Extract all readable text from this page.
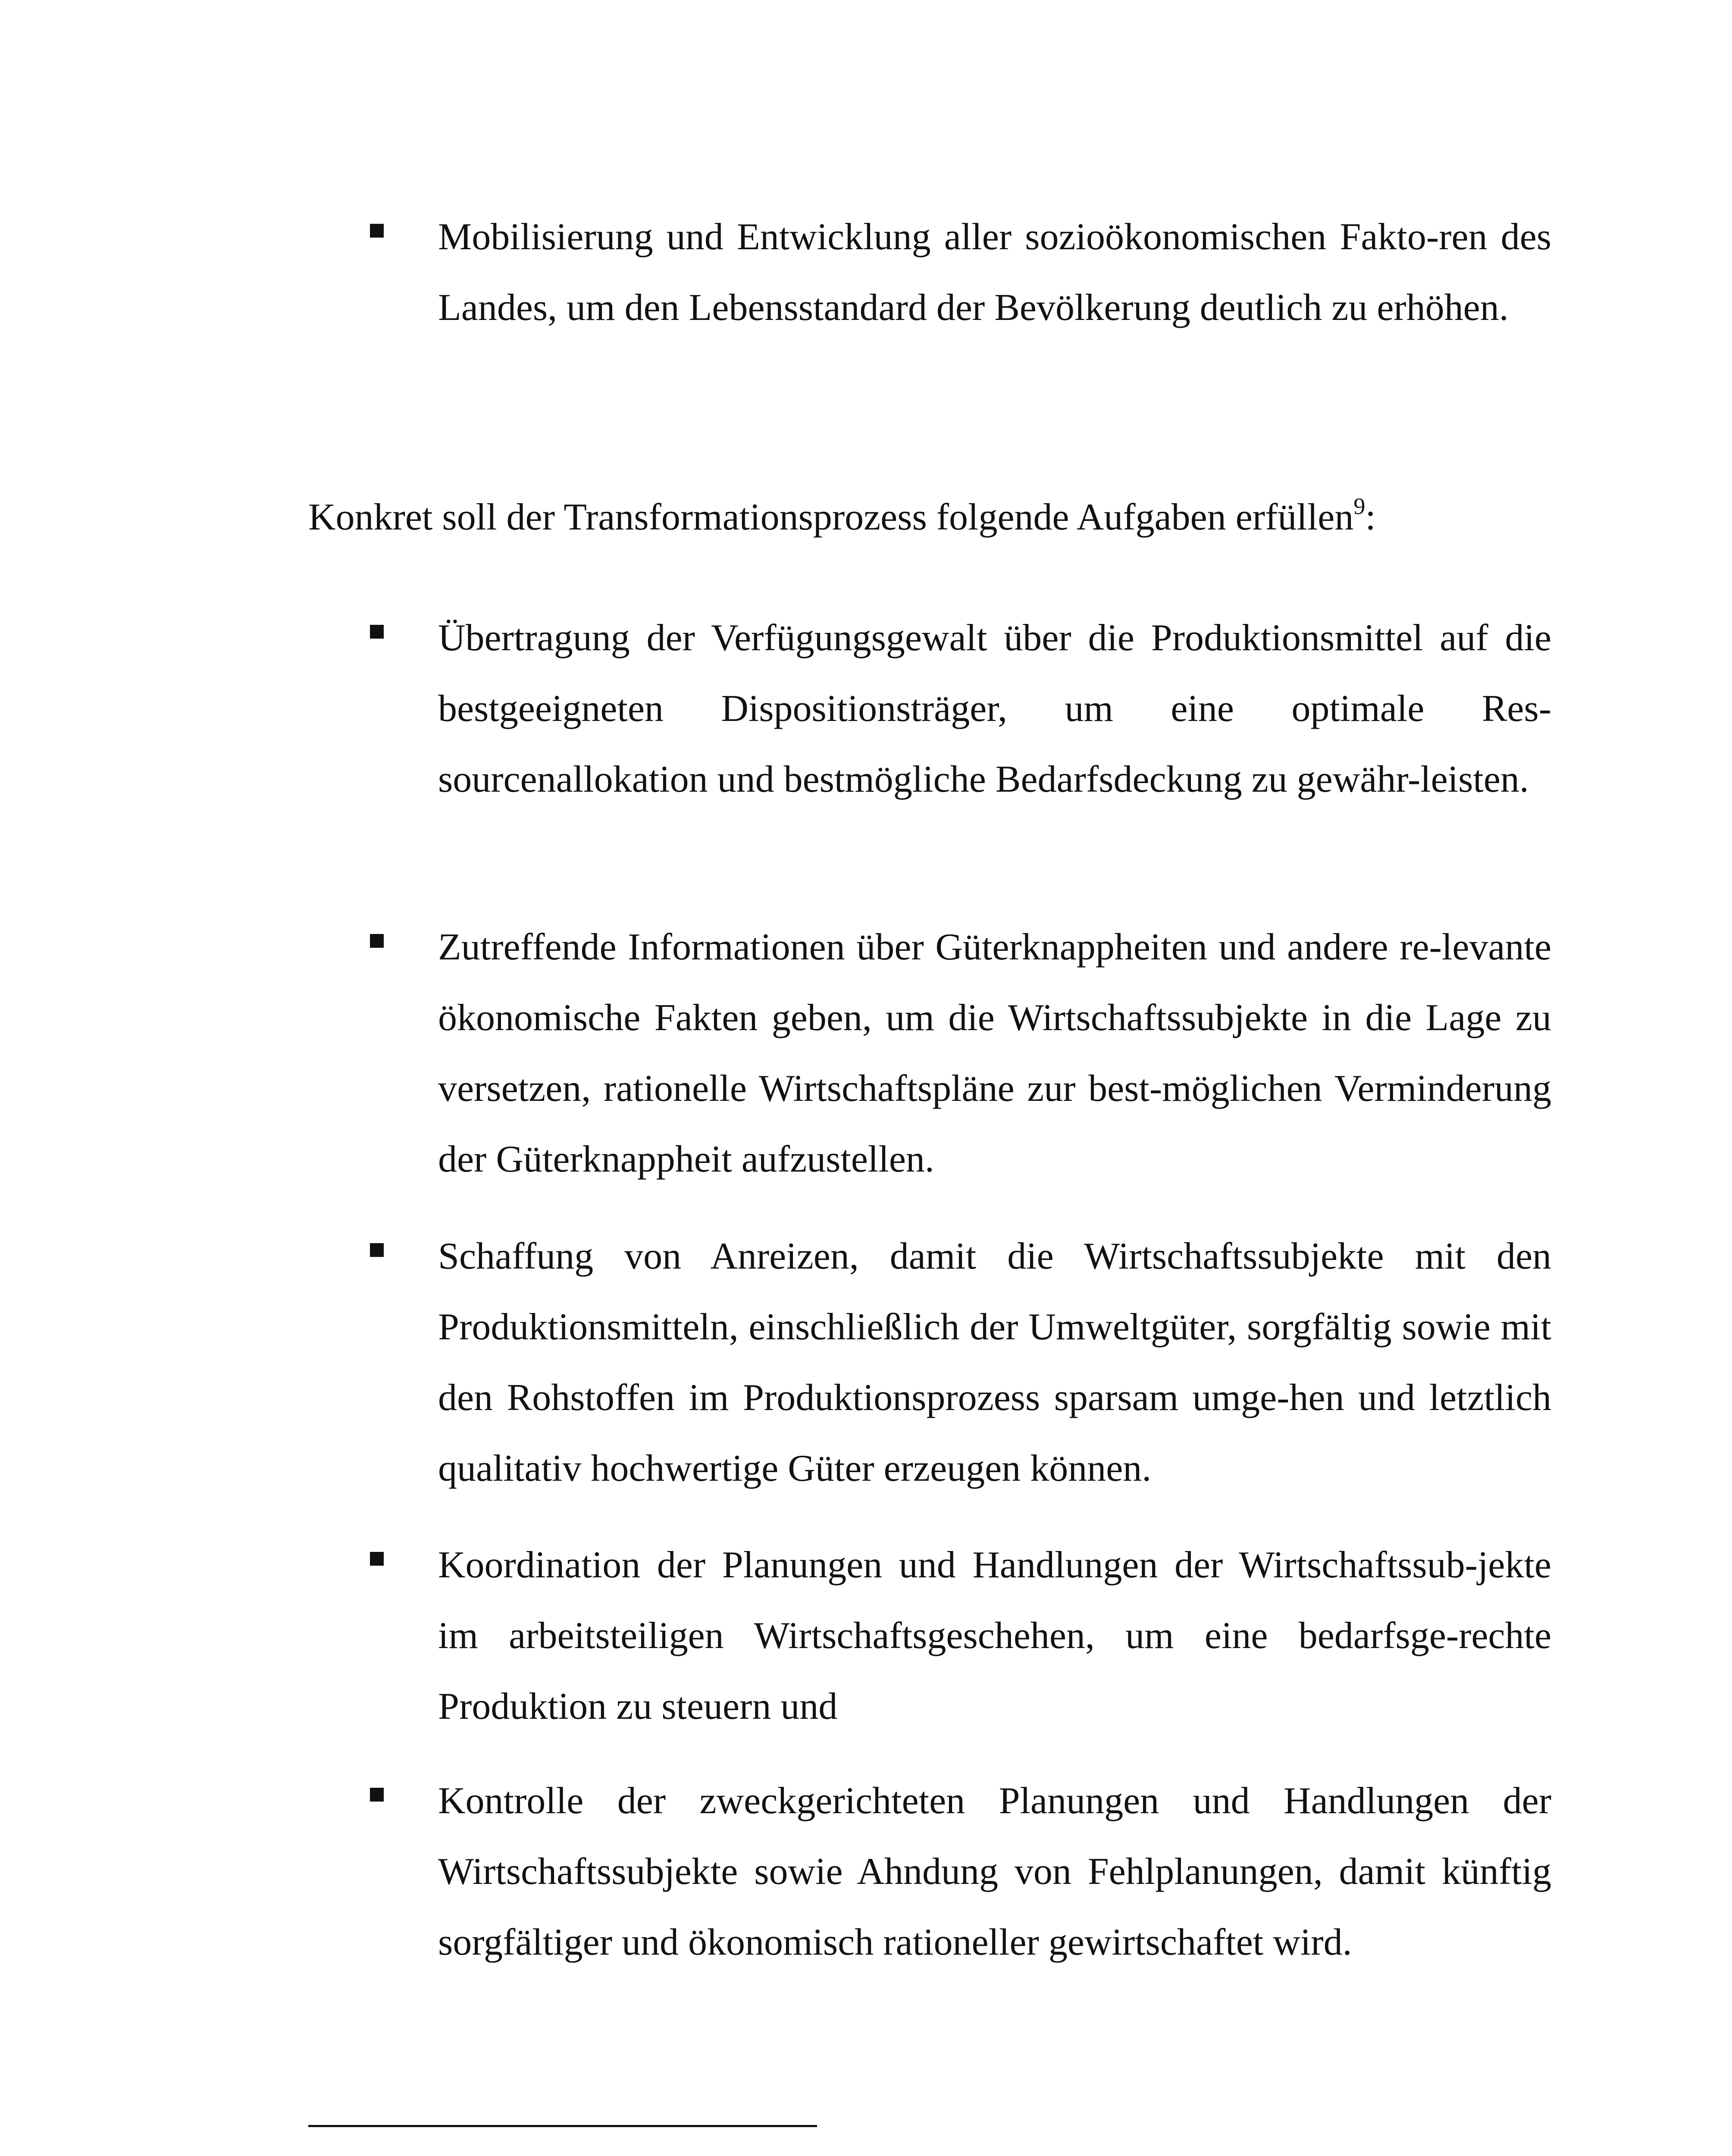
Mobilisierung und Entwicklung aller sozioökonomischen Fakto-ren des Landes, um den Lebensstandard der Bevölkerung deutlich zu erhöhen.

Konkret soll der Transformationsprozess folgende Aufgaben erfüllen$^9$:

Übertragung der Verfügungsgewalt über die Produktionsmittel auf die bestgeeigneten Dispositionsträger, um eine optimale Res-sourcenallokation und bestmögliche Bedarfsdeckung zu gewähr-leisten.

Zutreffende Informationen über Güterknappheiten und andere re-levante ökonomische Fakten geben, um die Wirtschaftssubjekte in die Lage zu versetzen, rationelle Wirtschaftspläne zur best-möglichen Verminderung der Güterknappheit aufzustellen.

Schaffung von Anreizen, damit die Wirtschaftssubjekte mit den Produktionsmitteln, einschließlich der Umweltgüter, sorgfältig sowie mit den Rohstoffen im Produktionsprozess sparsam umge-hen und letztlich qualitativ hochwertige Güter erzeugen können.

Koordination der Planungen und Handlungen der Wirtschaftssub-jekte im arbeitsteiligen Wirtschaftsgeschehen, um eine bedarfsge-rechte Produktion zu steuern und

Kontrolle der zweckgerichteten Planungen und Handlungen der Wirtschaftssubjekte sowie Ahndung von Fehlplanungen, damit künftig sorgfältiger und ökonomisch rationeller gewirtschaftet wird.
